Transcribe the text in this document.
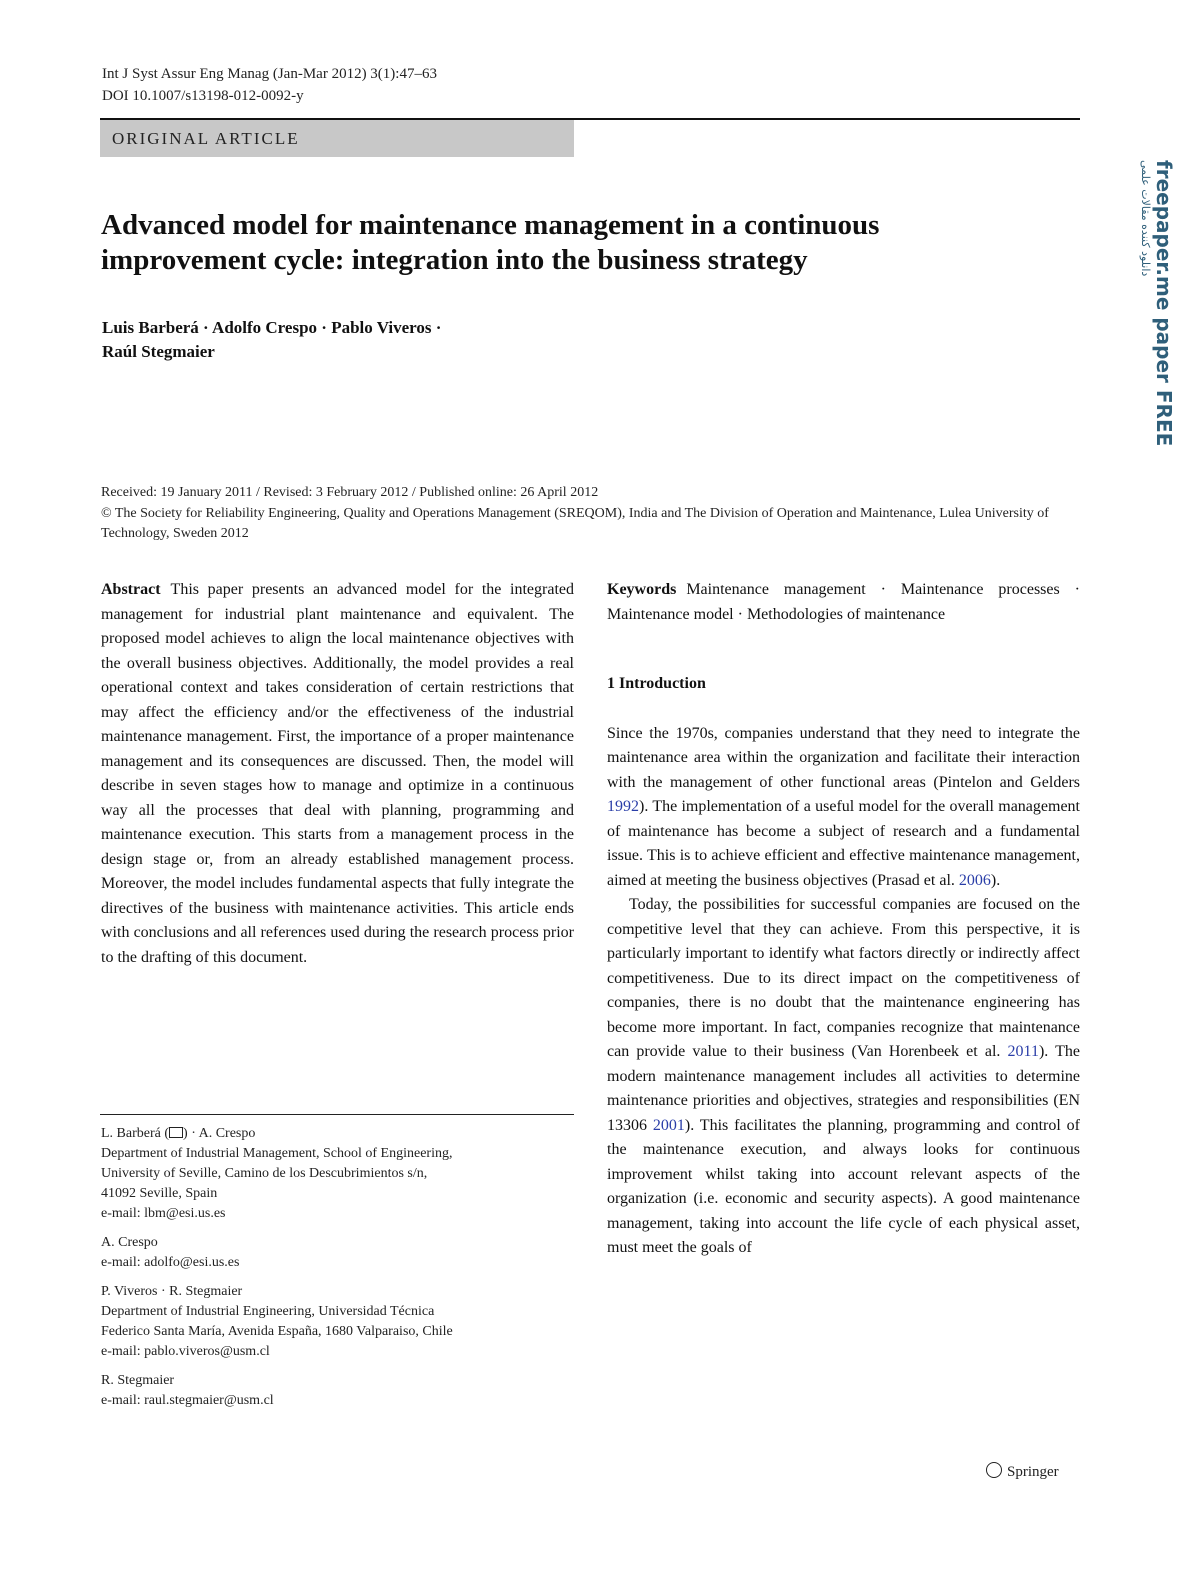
Int J Syst Assur Eng Manag (Jan-Mar 2012) 3(1):47–63
DOI 10.1007/s13198-012-0092-y
ORIGINAL ARTICLE
Advanced model for maintenance management in a continuous improvement cycle: integration into the business strategy
Luis Barberá · Adolfo Crespo · Pablo Viveros ·
Raúl Stegmaier
Received: 19 January 2011 / Revised: 3 February 2012 / Published online: 26 April 2012
© The Society for Reliability Engineering, Quality and Operations Management (SREQOM), India and The Division of Operation and Maintenance, Lulea University of Technology, Sweden 2012

Abstract This paper presents an advanced model for the integrated management for industrial plant maintenance and equivalent. The proposed model achieves to align the local maintenance objectives with the overall business objectives. Additionally, the model provides a real operational context and takes consideration of certain restrictions that may affect the efficiency and/or the effectiveness of the industrial maintenance management. First, the importance of a proper maintenance management and its consequences are discussed. Then, the model will describe in seven stages how to manage and optimize in a continuous way all the processes that deal with planning, programming and maintenance execution. This starts from a management process in the design stage or, from an already established management process. Moreover, the model includes fundamental aspects that fully integrate the directives of the business with maintenance activities. This article ends with conclusions and all references used during the research process prior to the drafting of this document.

L. Barberá ( ) · A. Crespo
Department of Industrial Management, School of Engineering,
University of Seville, Camino de los Descubrimientos s/n,
41092 Seville, Spain
e-mail: lbm@esi.us.es
A. Crespo
e-mail: adolfo@esi.us.es
P. Viveros · R. Stegmaier
Department of Industrial Engineering, Universidad Técnica
Federico Santa María, Avenida España, 1680 Valparaiso, Chile
e-mail: pablo.viveros@usm.cl
R. Stegmaier
e-mail: raul.stegmaier@usm.cl

Keywords Maintenance management · Maintenance processes · Maintenance model · Methodologies of maintenance

1 Introduction

Since the 1970s, companies understand that they need to integrate the maintenance area within the organization and facilitate their interaction with the management of other functional areas (Pintelon and Gelders 1992). The implementation of a useful model for the overall management of maintenance has become a subject of research and a fundamental issue. This is to achieve efficient and effective maintenance management, aimed at meeting the business objectives (Prasad et al. 2006).

Today, the possibilities for successful companies are focused on the competitive level that they can achieve. From this perspective, it is particularly important to identify what factors directly or indirectly affect competitiveness. Due to its direct impact on the competitiveness of companies, there is no doubt that the maintenance engineering has become more important. In fact, companies recognize that maintenance can provide value to their business (Van Horenbeek et al. 2011). The modern maintenance management includes all activities to determine maintenance priorities and objectives, strategies and responsibilities (EN 13306 2001). This facilitates the planning, programming and control of the maintenance execution, and always looks for continuous improvement whilst taking into account relevant aspects of the organization (i.e. economic and security aspects). A good maintenance management, taking into account the life cycle of each physical asset, must meet the goals of

Springer
freepaper.me paper FREE
دانلود کننده مقالات علمی
